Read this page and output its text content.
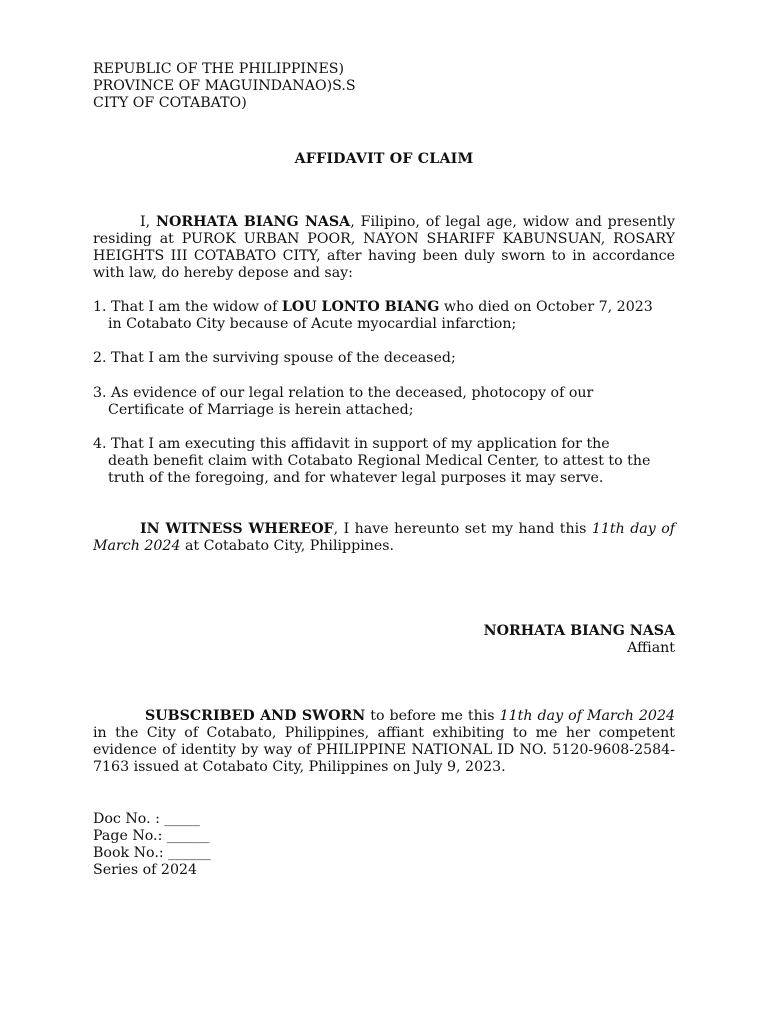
REPUBLIC OF THE PHILIPPINES)
PROVINCE OF MAGUINDANAO)S.S
CITY OF COTABATO)
AFFIDAVIT OF CLAIM
I, NORHATA BIANG NASA, Filipino, of legal age, widow and presently residing at PUROK URBAN POOR, NAYON SHARIFF KABUNSUAN, ROSARY HEIGHTS III COTABATO CITY, after having been duly sworn to in accordance with law, do hereby depose and say:
1. That I am the widow of LOU LONTO BIANG who died on October 7, 2023
in Cotabato City because of Acute myocardial infarction;
2. That I am the surviving spouse of the deceased;
3. As evidence of our legal relation to the deceased, photocopy of our
Certificate of Marriage is herein attached;
4. That I am executing this affidavit in support of my application for the
death benefit claim with Cotabato Regional Medical Center, to attest to the
truth of the foregoing, and for whatever legal purposes it may serve.
IN WITNESS WHEREOF, I have hereunto set my hand this 11th day of March 2024 at Cotabato City, Philippines.
NORHATA BIANG NASA
Affiant
SUBSCRIBED AND SWORN to before me this 11th day of March 2024 in the City of Cotabato, Philippines, affiant exhibiting to me her competent evidence of identity by way of PHILIPPINE NATIONAL ID NO. 5120-9608-2584-7163 issued at Cotabato City, Philippines on July 9, 2023.
Doc No. : _____
Page No.: ______
Book No.: ______
Series of 2024
